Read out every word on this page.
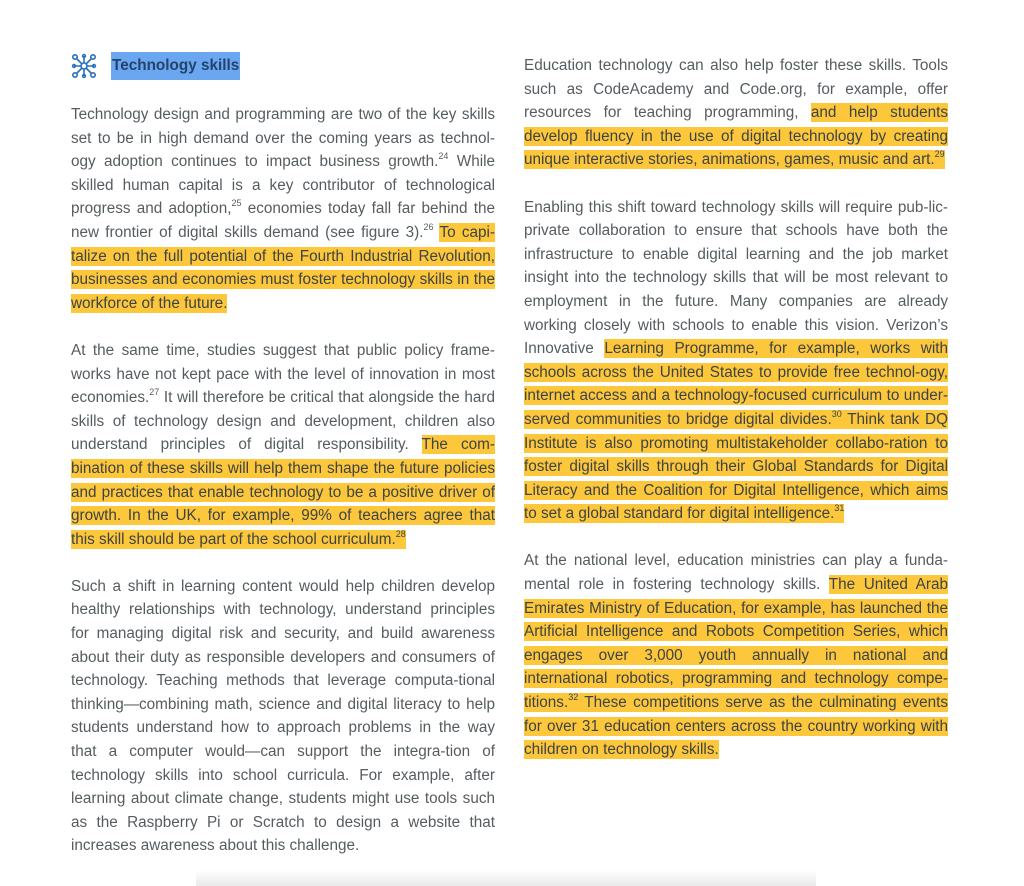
Technology skills

Technology design and programming are two of the key skills set to be in high demand over the coming years as technol-ogy adoption continues to impact business growth.$^{24}$ While skilled human capital is a key contributor of technological progress and adoption,$^{25}$ economies today fall far behind the new frontier of digital skills demand (see figure 3).$^{26}$ To capi-talize on the full potential of the Fourth Industrial Revolution, businesses and economies must foster technology skills in the workforce of the future.

At the same time, studies suggest that public policy frame-works have not kept pace with the level of innovation in most economies.$^{27}$ It will therefore be critical that alongside the hard skills of technology design and development, children also understand principles of digital responsibility. The com-bination of these skills will help them shape the future policies and practices that enable technology to be a positive driver of growth. In the UK, for example, 99% of teachers agree that this skill should be part of the school curriculum.$^{28}$

Such a shift in learning content would help children develop healthy relationships with technology, understand principles for managing digital risk and security, and build awareness about their duty as responsible developers and consumers of technology. Teaching methods that leverage computa-tional thinking—combining math, science and digital literacy to help students understand how to approach problems in the way that a computer would—can support the integra-tion of technology skills into school curricula. For example, after learning about climate change, students might use tools such as the Raspberry Pi or Scratch to design a website that increases awareness about this challenge.

Education technology can also help foster these skills. Tools such as CodeAcademy and Code.org, for example, offer resources for teaching programming, and help students develop fluency in the use of digital technology by creating unique interactive stories, animations, games, music and art.$^{29}$

Enabling this shift toward technology skills will require pub-lic-private collaboration to ensure that schools have both the infrastructure to enable digital learning and the job market insight into the technology skills that will be most relevant to employment in the future. Many companies are already working closely with schools to enable this vision. Verizon’s Innovative Learning Programme, for example, works with schools across the United States to provide free technol-ogy, internet access and a technology-focused curriculum to under-served communities to bridge digital divides.$^{30}$ Think tank DQ Institute is also promoting multistakeholder collabo-ration to foster digital skills through their Global Standards for Digital Literacy and the Coalition for Digital Intelligence, which aims to set a global standard for digital intelligence.$^{31}$

At the national level, education ministries can play a funda-mental role in fostering technology skills. The United Arab Emirates Ministry of Education, for example, has launched the Artificial Intelligence and Robots Competition Series, which engages over 3,000 youth annually in national and international robotics, programming and technology compe-titions.$^{32}$ These competitions serve as the culminating events for over 31 education centers across the country working with children on technology skills.
